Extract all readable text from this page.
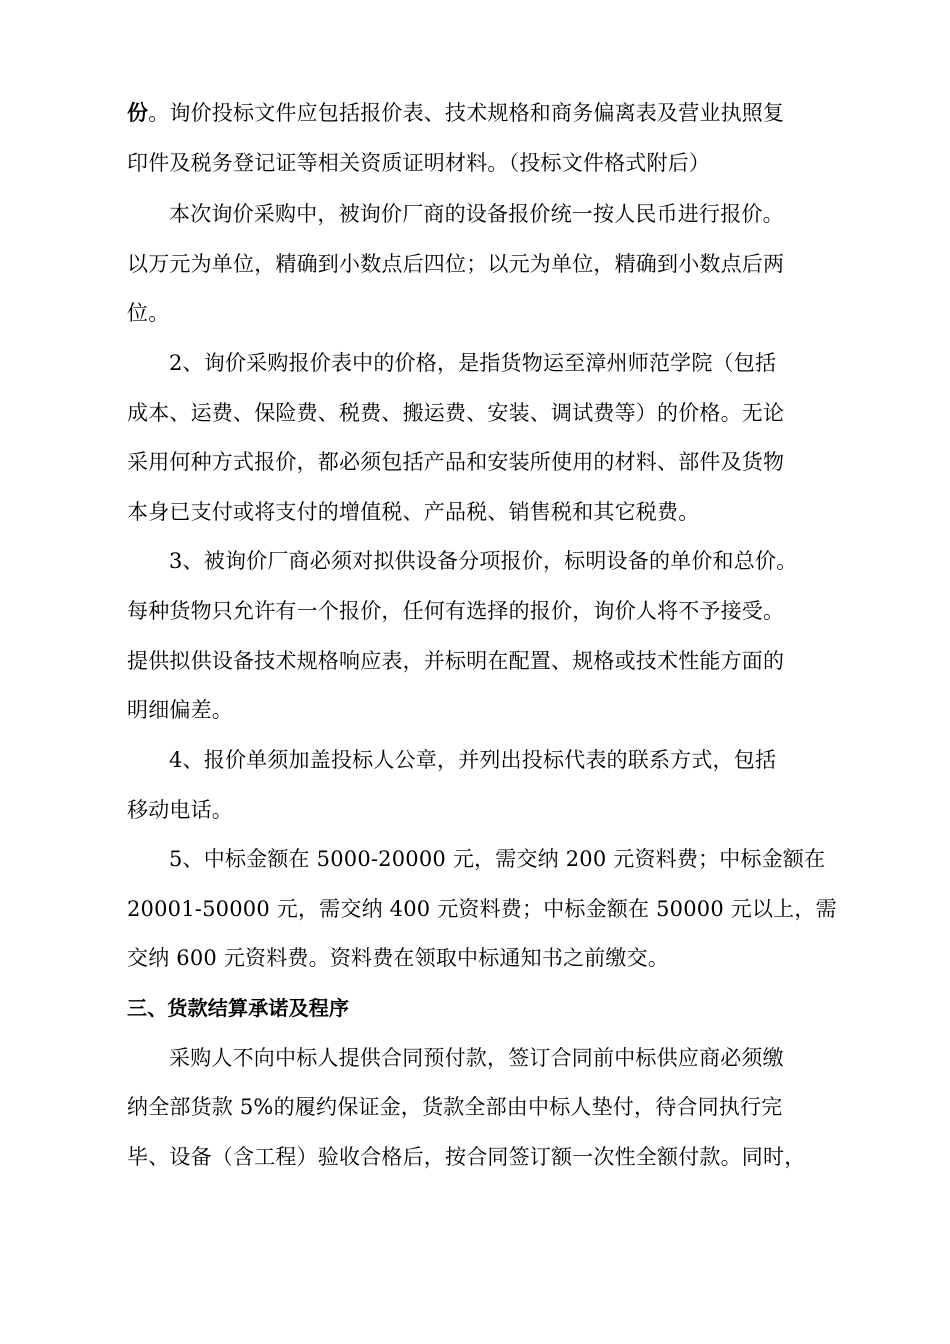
份。询价投标文件应包括报价表、技术规格和商务偏离表及营业执照复
印件及税务登记证等相关资质证明材料。（投标文件格式附后）
本次询价采购中，被询价厂商的设备报价统一按人民币进行报价。
以万元为单位，精确到小数点后四位；以元为单位，精确到小数点后两
位。
2、询价采购报价表中的价格，是指货物运至漳州师范学院（包括
成本、运费、保险费、税费、搬运费、安装、调试费等）的价格。无论
采用何种方式报价，都必须包括产品和安装所使用的材料、部件及货物
本身已支付或将支付的增值税、产品税、销售税和其它税费。
3、被询价厂商必须对拟供设备分项报价，标明设备的单价和总价。
每种货物只允许有一个报价，任何有选择的报价，询价人将不予接受。
提供拟供设备技术规格响应表，并标明在配置、规格或技术性能方面的
明细偏差。
4、报价单须加盖投标人公章，并列出投标代表的联系方式，包括
移动电话。
5、中标金额在 5000-20000 元，需交纳 200 元资料费；中标金额在
20001-50000 元，需交纳 400 元资料费；中标金额在 50000 元以上，需
交纳 600 元资料费。资料费在领取中标通知书之前缴交。
三、货款结算承诺及程序
采购人不向中标人提供合同预付款，签订合同前中标供应商必须缴
纳全部货款 5%的履约保证金，货款全部由中标人垫付，待合同执行完
毕、设备（含工程）验收合格后，按合同签订额一次性全额付款。同时，
